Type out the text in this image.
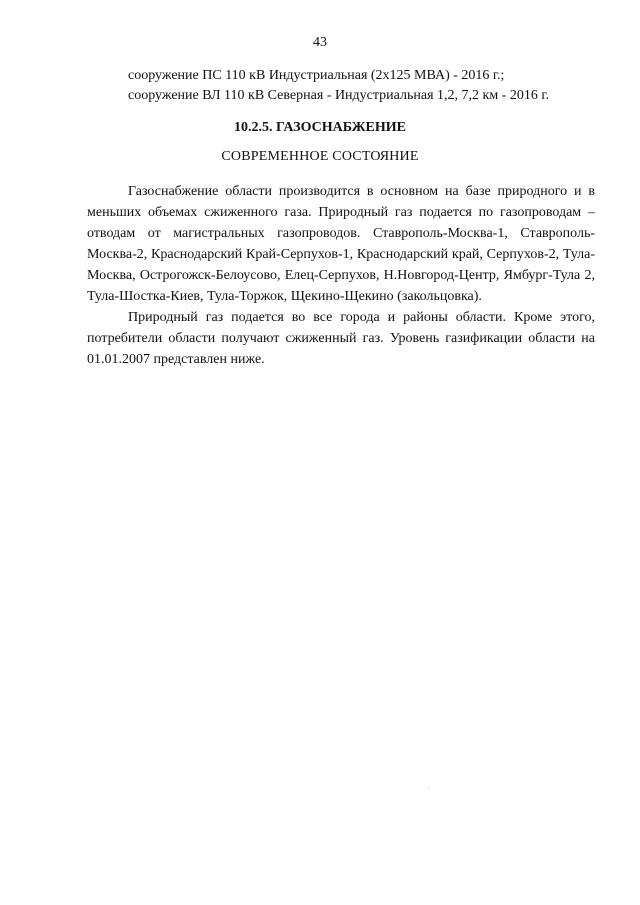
43
сооружение ПС 110 кВ Индустриальная (2х125 МВА) - 2016 г.;
сооружение ВЛ 110 кВ Северная - Индустриальная 1,2, 7,2 км - 2016 г.
10.2.5. ГАЗОСНАБЖЕНИЕ
СОВРЕМЕННОЕ СОСТОЯНИЕ

Газоснабжение области производится в основном на базе природного и в меньших объемах сжиженного газа. Природный газ подается по газопроводам – отводам от магистральных газопроводов. Ставрополь-Москва-1, Ставрополь-Москва-2, Краснодарский Край-Серпухов-1, Краснодарский край, Серпухов-2, Тула-Москва, Острогожск-Белоусово, Елец-Серпухов, Н.Новгород-Центр, Ямбург-Тула 2, Тула-Шостка-Киев, Тула-Торжок, Щекино-Щекино (закольцовка).

Природный газ подается во все города и районы области. Кроме этого, потребители области получают сжиженный газ. Уровень газификации области на 01.01.2007 представлен ниже.
